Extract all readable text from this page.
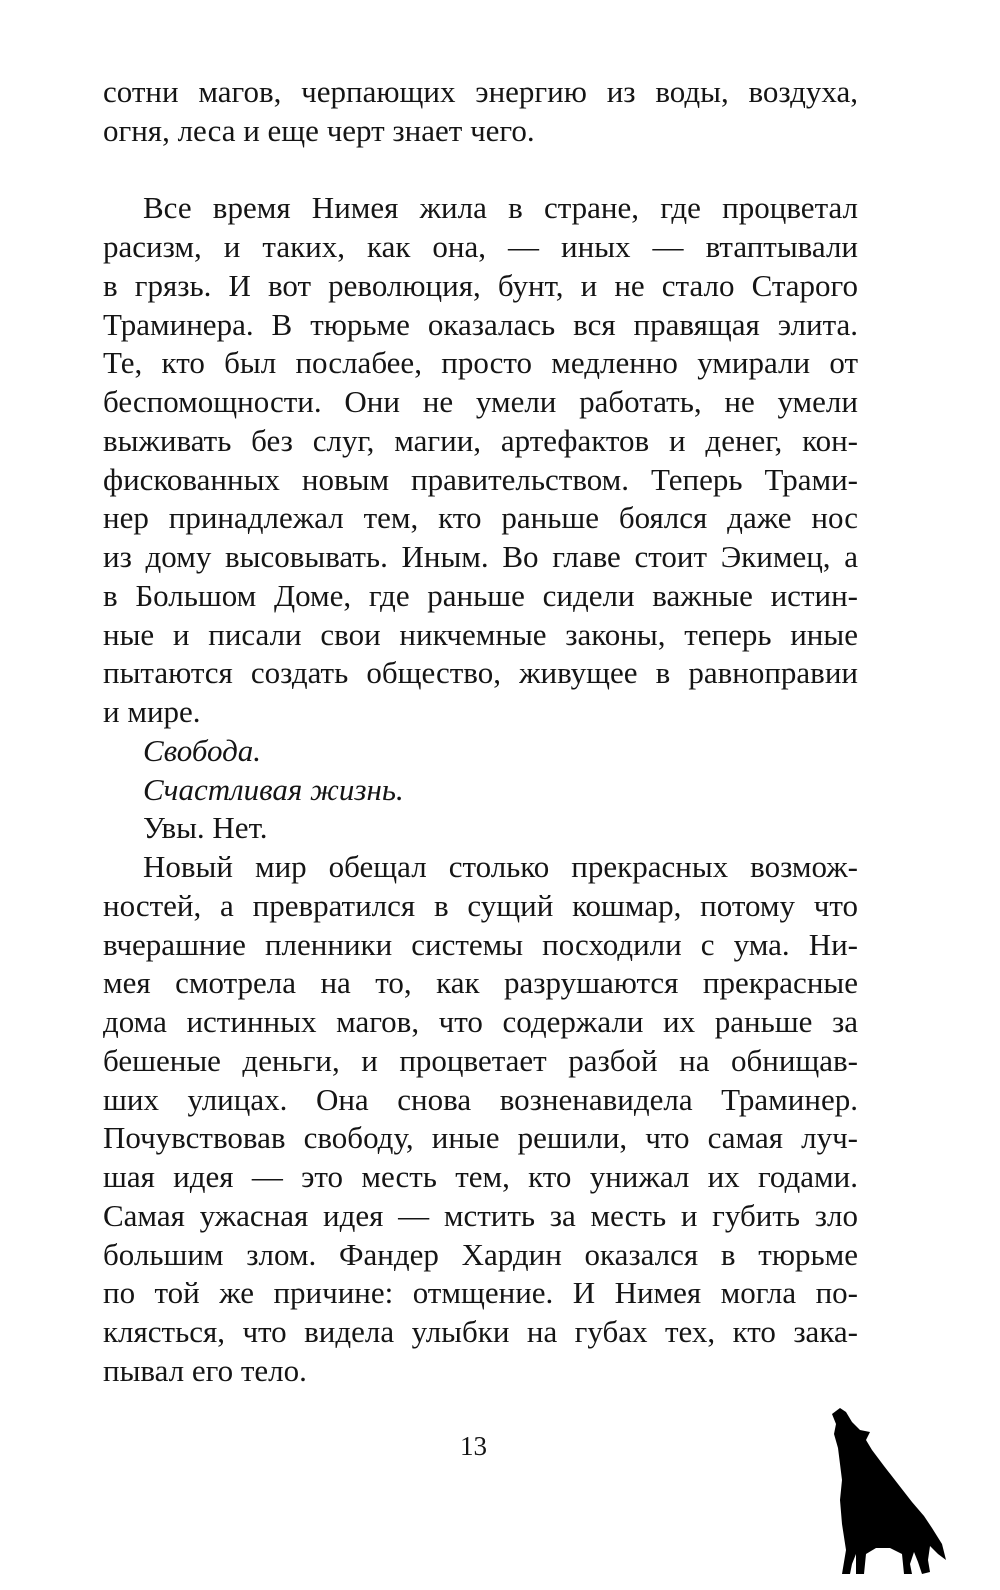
сотни магов, черпающих энергию из воды, воздуха,
огня, леса и еще черт знает чего.
Все время Нимея жила в стране, где процветал
расизм, и таких, как она, — иных — втаптывали
в грязь. И вот революция, бунт, и не стало Старого
Траминера. В тюрьме оказалась вся правящая элита.
Те, кто был послабее, просто медленно умирали от
беспомощности. Они не умели работать, не умели
выживать без слуг, магии, артефактов и денег, кон-
фискованных новым правительством. Теперь Трами-
нер принадлежал тем, кто раньше боялся даже нос
из дому высовывать. Иным. Во главе стоит Экимец, а
в Большом Доме, где раньше сидели важные истин-
ные и писали свои никчемные законы, теперь иные
пытаются создать общество, живущее в равноправии
и мире.
Свобода.
Счастливая жизнь.
Увы. Нет.
Новый мир обещал столько прекрасных возмож-
ностей, а превратился в сущий кошмар, потому что
вчерашние пленники системы посходили с ума. Ни-
мея смотрела на то, как разрушаются прекрасные
дома истинных магов, что содержали их раньше за
бешеные деньги, и процветает разбой на обнищав-
ших улицах. Она снова возненавидела Траминер.
Почувствовав свободу, иные решили, что самая луч-
шая идея — это месть тем, кто унижал их годами.
Самая ужасная идея — мстить за месть и губить зло
большим злом. Фандер Хардин оказался в тюрьме
по той же причине: отмщение. И Нимея могла по-
клясться, что видела улыбки на губах тех, кто зака-
пывал его тело.
13
